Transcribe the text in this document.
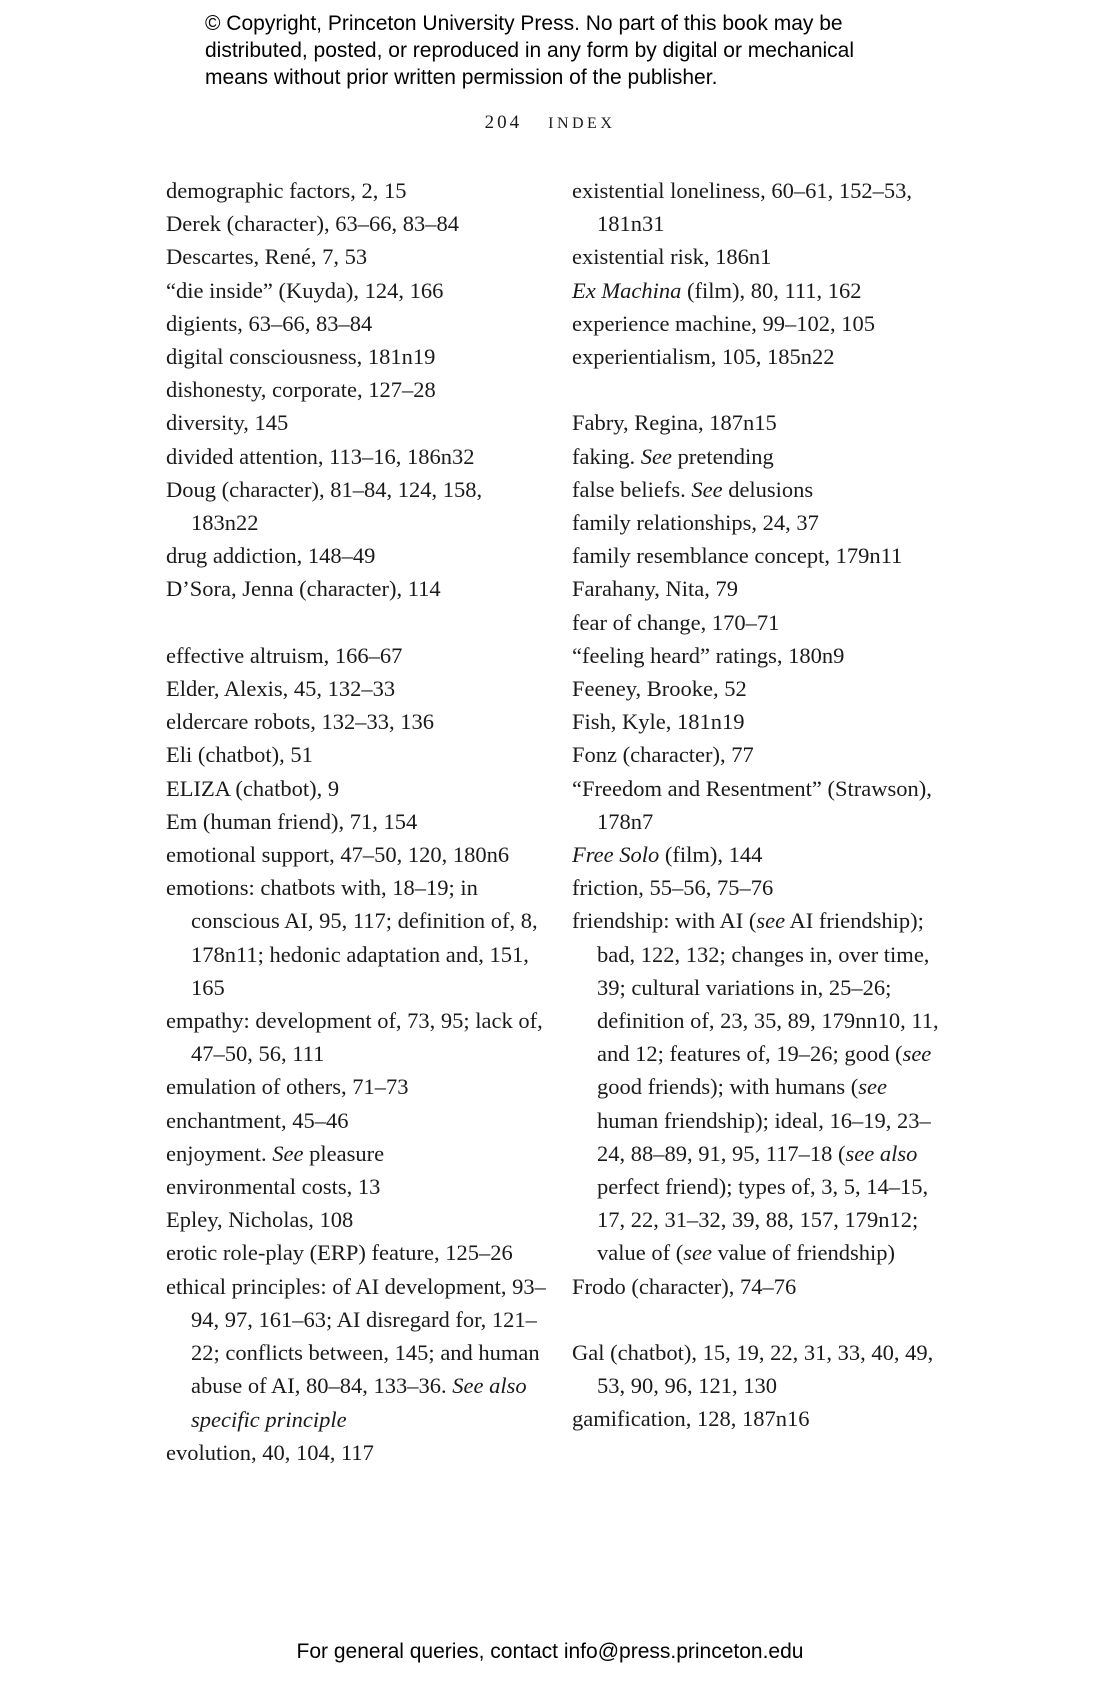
© Copyright, Princeton University Press. No part of this book may be
distributed, posted, or reproduced in any form by digital or mechanical
means without prior written permission of the publisher.
204 INDEX

demographic factors, 2, 15

Derek (character), 63–66, 83–84

Descartes, René, 7, 53

“die inside” (Kuyda), 124, 166

digients, 63–66, 83–84

digital consciousness, 181n19

dishonesty, corporate, 127–28

diversity, 145

divided attention, 113–16, 186n32

Doug (character), 81–84, 124, 158, 183n22

drug addiction, 148–49

D’Sora, Jenna (character), 114

effective altruism, 166–67

Elder, Alexis, 45, 132–33

eldercare robots, 132–33, 136

Eli (chatbot), 51

ELIZA (chatbot), 9

Em (human friend), 71, 154

emotional support, 47–50, 120, 180n6

emotions: chatbots with, 18–19; in conscious AI, 95, 117; definition of, 8, 178n11; hedonic adaptation and, 151, 165

empathy: development of, 73, 95; lack of, 47–50, 56, 111

emulation of others, 71–73

enchantment, 45–46

enjoyment. See pleasure

environmental costs, 13

Epley, Nicholas, 108

erotic role-play (ERP) feature, 125–26

ethical principles: of AI development, 93–94, 97, 161–63; AI disregard for, 121–22; conflicts between, 145; and human abuse of AI, 80–84, 133–36. See also specific principle

evolution, 40, 104, 117

existential loneliness, 60–61, 152–53, 181n31

existential risk, 186n1

Ex Machina (film), 80, 111, 162

experience machine, 99–102, 105

experientialism, 105, 185n22

Fabry, Regina, 187n15

faking. See pretending

false beliefs. See delusions

family relationships, 24, 37

family resemblance concept, 179n11

Farahany, Nita, 79

fear of change, 170–71

“feeling heard” ratings, 180n9

Feeney, Brooke, 52

Fish, Kyle, 181n19

Fonz (character), 77

“Freedom and Resentment” (Strawson), 178n7

Free Solo (film), 144

friction, 55–56, 75–76

friendship: with AI (see AI friendship); bad, 122, 132; changes in, over time, 39; cultural variations in, 25–26; definition of, 23, 35, 89, 179nn10, 11, and 12; features of, 19–26; good (see good friends); with humans (see human friendship); ideal, 16–19, 23–24, 88–89, 91, 95, 117–18 (see also perfect friend); types of, 3, 5, 14–15, 17, 22, 31–32, 39, 88, 157, 179n12; value of (see value of friendship)

Frodo (character), 74–76

Gal (chatbot), 15, 19, 22, 31, 33, 40, 49, 53, 90, 96, 121, 130

gamification, 128, 187n16

For general queries, contact info@press.princeton.edu
